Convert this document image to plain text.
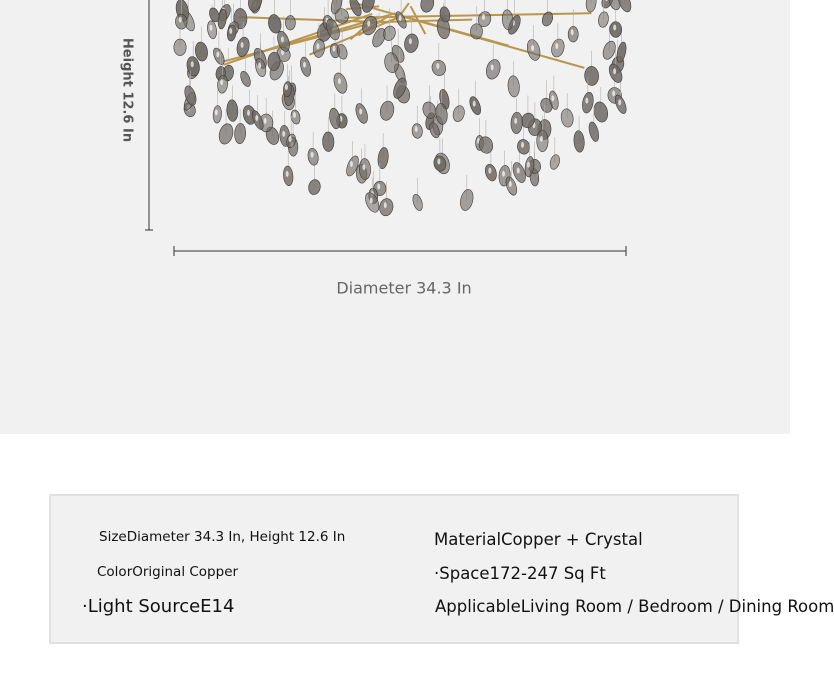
Height 12.6 In
Diameter 34.3 In
SizeDiameter 34.3 In, Height 12.6 In
ColorOriginal Copper
·Light SourceE14
MaterialCopper + Crystal
·Space172-247 Sq Ft
ApplicableLiving Room / Bedroom / Dining Room
